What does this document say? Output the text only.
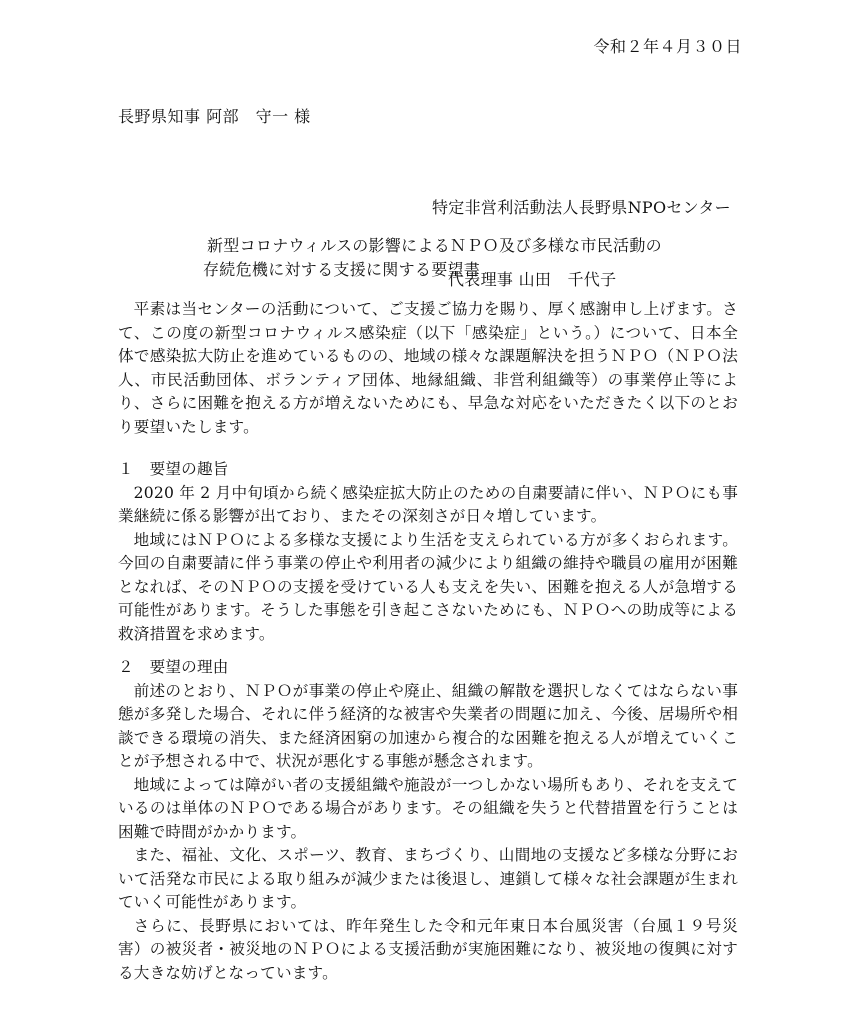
令和２年４月３０日
長野県知事 阿部　守一 様

特定非営利活動法人長野県NPOセンター

代表理事 山田　千代子

新型コロナウィルスの影響によるＮＰＯ及び多様な市民活動の
存続危機に対する支援に関する要望書

平素は当センターの活動について、ご支援ご協力を賜り、厚く感謝申し上げます。さて、この度の新型コロナウィルス感染症（以下「感染症」という。）について、日本全体で感染拡大防止を進めているものの、地域の様々な課題解決を担うＮＰＯ（ＮＰＯ法人、市民活動団体、ボランティア団体、地縁組織、非営利組織等）の事業停止等により、さらに困難を抱える方が増えないためにも、早急な対応をいただきたく以下のとおり要望いたします。

１　要望の趣旨

2020 年 2 月中旬頃から続く感染症拡大防止のための自粛要請に伴い、ＮＰＯにも事業継続に係る影響が出ており、またその深刻さが日々増しています。

地域にはＮＰＯによる多様な支援により生活を支えられている方が多くおられます。今回の自粛要請に伴う事業の停止や利用者の減少により組織の維持や職員の雇用が困難となれば、そのＮＰＯの支援を受けている人も支えを失い、困難を抱える人が急増する可能性があります。そうした事態を引き起こさないためにも、ＮＰＯへの助成等による救済措置を求めます。

２　要望の理由

前述のとおり、ＮＰＯが事業の停止や廃止、組織の解散を選択しなくてはならない事態が多発した場合、それに伴う経済的な被害や失業者の問題に加え、今後、居場所や相談できる環境の消失、また経済困窮の加速から複合的な困難を抱える人が増えていくことが予想される中で、状況が悪化する事態が懸念されます。

地域によっては障がい者の支援組織や施設が一つしかない場所もあり、それを支えているのは単体のＮＰＯである場合があります。その組織を失うと代替措置を行うことは困難で時間がかかります。

また、福祉、文化、スポーツ、教育、まちづくり、山間地の支援など多様な分野において活発な市民による取り組みが減少または後退し、連鎖して様々な社会課題が生まれていく可能性があります。

さらに、長野県においては、昨年発生した令和元年東日本台風災害（台風１９号災害）の被災者・被災地のＮＰＯによる支援活動が実施困難になり、被災地の復興に対する大きな妨げとなっています。
